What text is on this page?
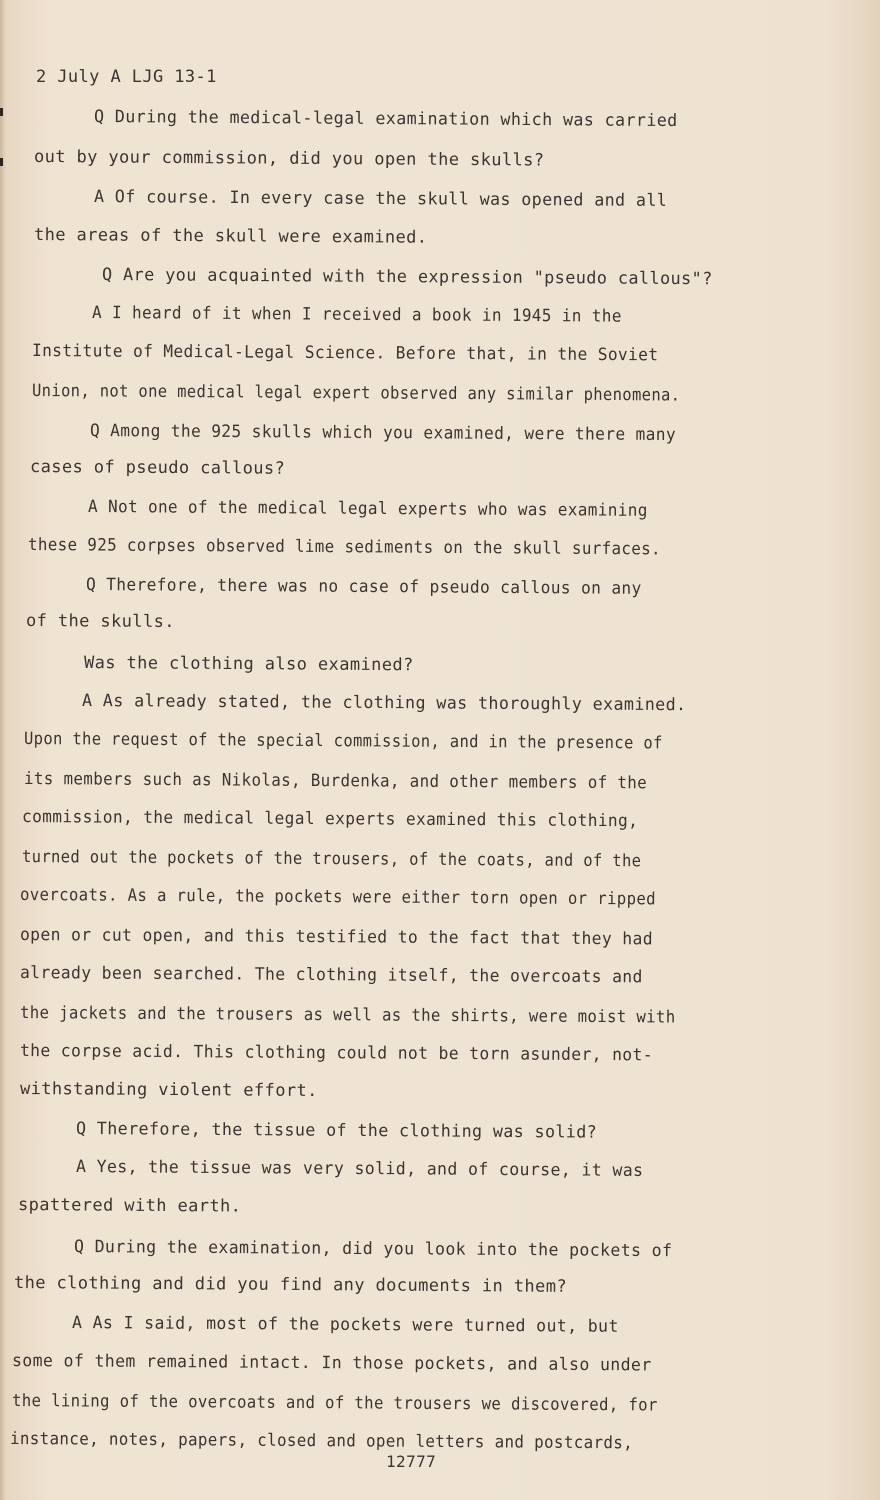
2 July A LJG 13-1
Q During the medical-legal examination which was carried
out by your commission, did you open the skulls?
A Of course. In every case the skull was opened and all
the areas of the skull were examined.
Q Are you acquainted with the expression "pseudo callous"?
A I heard of it when I received a book in 1945 in the
Institute of Medical-Legal Science. Before that, in the Soviet
Union, not one medical legal expert observed any similar phenomena.
Q Among the 925 skulls which you examined, were there many
cases of pseudo callous?
A Not one of the medical legal experts who was examining
these 925 corpses observed lime sediments on the skull surfaces.
Q Therefore, there was no case of pseudo callous on any
of the skulls.
Was the clothing also examined?
A As already stated, the clothing was thoroughly examined.
Upon the request of the special commission, and in the presence of
its members such as Nikolas, Burdenka, and other members of the
commission, the medical legal experts examined this clothing,
turned out the pockets of the trousers, of the coats, and of the
overcoats. As a rule, the pockets were either torn open or ripped
open or cut open, and this testified to the fact that they had
already been searched. The clothing itself, the overcoats and
the jackets and the trousers as well as the shirts, were moist with
the corpse acid. This clothing could not be torn asunder, not-
withstanding violent effort.
Q Therefore, the tissue of the clothing was solid?
A Yes, the tissue was very solid, and of course, it was
spattered with earth.
Q During the examination, did you look into the pockets of
the clothing and did you find any documents in them?
A As I said, most of the pockets were turned out, but
some of them remained intact. In those pockets, and also under
the lining of the overcoats and of the trousers we discovered, for
instance, notes, papers, closed and open letters and postcards,
12777
